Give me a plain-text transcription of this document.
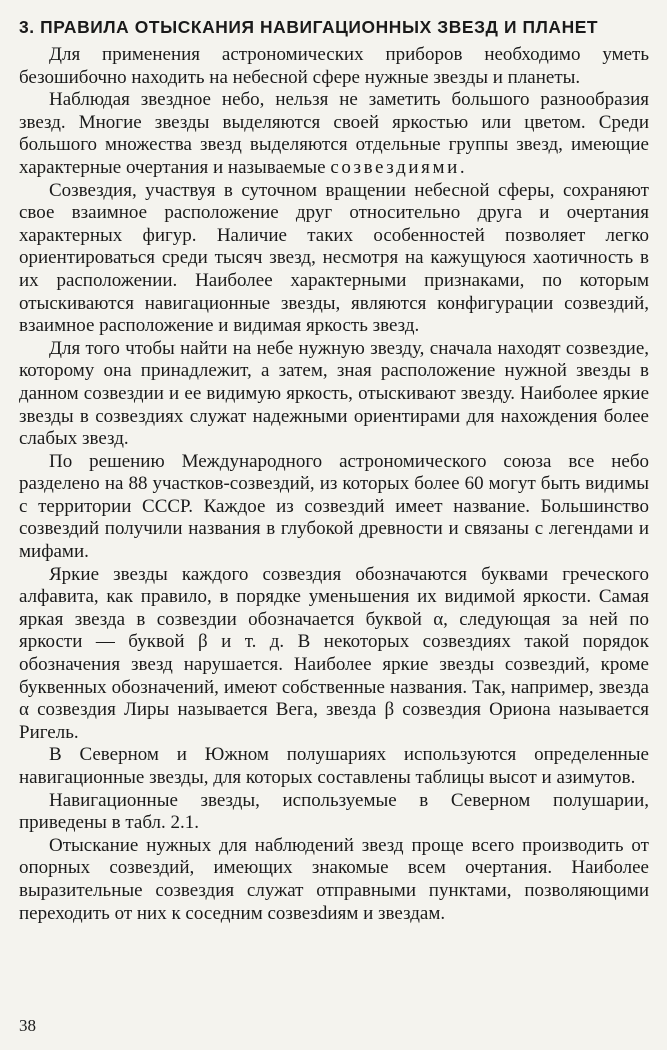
3. ПРАВИЛА ОТЫСКАНИЯ НАВИГАЦИОННЫХ ЗВЕЗД И ПЛАНЕТ

Для применения астрономических приборов необходимо уметь безошибочно находить на небесной сфере нужные звезды и планеты.

Наблюдая звездное небо, нельзя не заметить большого разнообразия звезд. Многие звезды выделяются своей яркостью или цветом. Среди большого множества звезд выделяются отдельные группы звезд, имеющие характерные очертания и называемые созвездиями.

Созвездия, участвуя в суточном вращении небесной сферы, сохраняют свое взаимное расположение друг относительно друга и очертания характерных фигур. Наличие таких особенностей позволяет легко ориентироваться среди тысяч звезд, несмотря на кажущуюся хаотичность в их расположении. Наиболее характерными признаками, по которым отыскиваются навигационные звезды, являются конфигурации созвездий, взаимное расположение и видимая яркость звезд.

Для того чтобы найти на небе нужную звезду, сначала находят созвездие, которому она принадлежит, а затем, зная расположение нужной звезды в данном созвездии и ее видимую яркость, отыскивают звезду. Наиболее яркие звезды в созвездиях служат надежными ориентирами для нахождения более слабых звезд.

По решению Международного астрономического союза все небо разделено на 88 участков-созвездий, из которых более 60 могут быть видимы с территории СССР. Каждое из созвездий имеет название. Большинство созвездий получили названия в глубокой древности и связаны с легендами и мифами.

Яркие звезды каждого созвездия обозначаются буквами греческого алфавита, как правило, в порядке уменьшения их видимой яркости. Самая яркая звезда в созвездии обозначается буквой α, следующая за ней по яркости — буквой β и т. д. В некоторых созвездиях такой порядок обозначения звезд нарушается. Наиболее яркие звезды созвездий, кроме буквенных обозначений, имеют собственные названия. Так, например, звезда α созвездия Лиры называется Вега, звезда β созвездия Ориона называется Ригель.

В Северном и Южном полушариях используются определенные навигационные звезды, для которых составлены таблицы высот и азимутов.

Навигационные звезды, используемые в Северном полушарии, приведены в табл. 2.1.

Отыскание нужных для наблюдений звезд проще всего производить от опорных созвездий, имеющих знакомые всем очертания. Наиболее выразительные созвездия служат отправными пунктами, позволяющими переходить от них к соседним созвезdиям и звездам.

38
